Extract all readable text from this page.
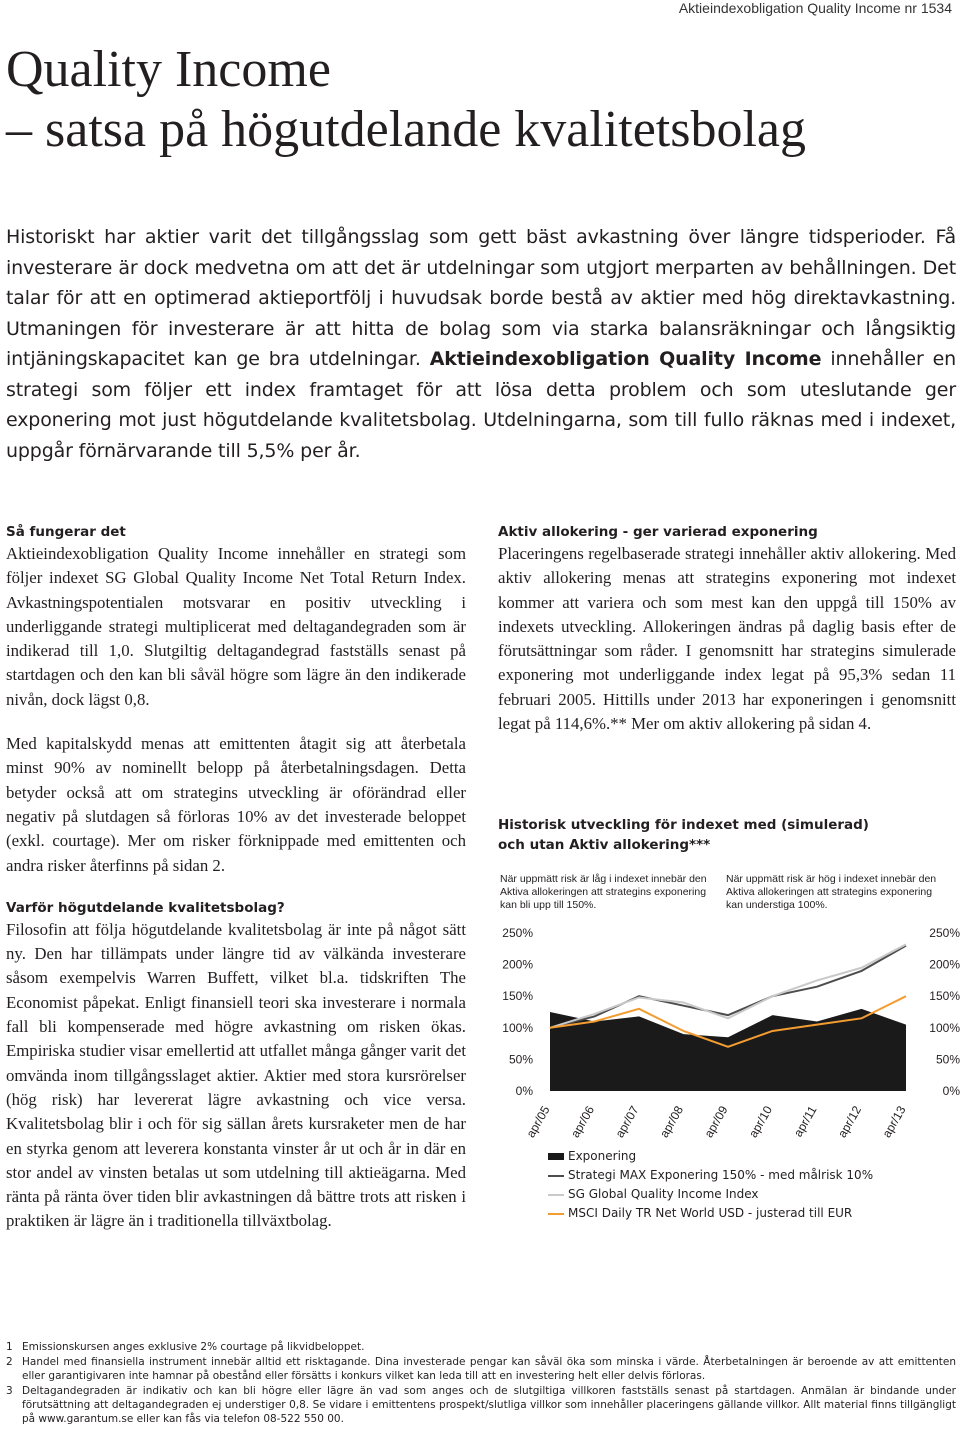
Aktieindexobligation Quality Income nr 1534
Quality Income
– satsa på högutdelande kvalitetsbolag

Historiskt har aktier varit det tillgångsslag som gett bäst avkastning över längre tidsperioder. Få investerare är dock medvetna om att det är utdelningar som utgjort merparten av behållningen. Det talar för att en optimerad aktieportfölj i huvudsak borde bestå av aktier med hög direktavkastning. Utmaningen för investerare är att hitta de bolag som via starka balansräkningar och långsiktig intjäningskapacitet kan ge bra utdelningar. Aktieindexobligation Quality Income innehåller en strategi som följer ett index framtaget för att lösa detta problem och som uteslutande ger exponering mot just högutdelande kvalitetsbolag. Utdelningarna, som till fullo räknas med i indexet, uppgår förnärvarande till 5,5% per år.

Så fungerar det

Aktieindexobligation Quality Income innehåller en strategi som följer indexet SG Global Quality Income Net Total Return Index. Avkastningspotentialen motsvarar en positiv utveckling i underliggande strategi multiplicerat med deltagandegraden som är indikerad till 1,0. Slutgiltig deltagandegrad fastställs senast på startdagen och den kan bli såväl högre som lägre än den indikerade nivån, dock lägst 0,8.

Med kapitalskydd menas att emittenten åtagit sig att återbetala minst 90% av nominellt belopp på återbetalningsdagen. Detta betyder också att om strategins utveckling är oförändrad eller negativ på slutdagen så förloras 10% av det investerade beloppet (exkl. courtage). Mer om risker förknippade med emittenten och andra risker återfinns på sidan 2.

Varför högutdelande kvalitetsbolag?

Filosofin att följa högutdelande kvalitetsbolag är inte på något sätt ny. Den har tillämpats under längre tid av välkända investerare såsom exempelvis Warren Buffett, vilket bl.a. tidskriften The Economist påpekat. Enligt finansiell teori ska investerare i normala fall bli kompenserade med högre avkastning om risken ökas. Empiriska studier visar emellertid att utfallet många gånger varit det omvända inom tillgångsslaget aktier. Aktier med stora kursrörelser (hög risk) har levererat lägre avkastning och vice versa. Kvalitetsbolag blir i och för sig sällan årets kursraketer men de har en styrka genom att leverera konstanta vinster år ut och år in där en stor andel av vinsten betalas ut som utdelning till aktieägarna. Med ränta på ränta över tiden blir avkastningen då bättre trots att risken i praktiken är lägre än i traditionella tillväxtbolag.

Aktiv allokering - ger varierad exponering

Placeringens regelbaserade strategi innehåller aktiv allokering. Med aktiv allokering menas att strategins exponering mot indexet kommer att variera och som mest kan den uppgå till 150% av indexets utveckling. Allokeringen ändras på daglig basis efter de förutsättningar som råder. I genomsnitt har strategins simulerade exponering mot underliggande index legat på 95,3% sedan 11 februari 2005. Hittills under 2013 har exponeringen i genomsnitt legat på 114,6%.** Mer om aktiv allokering på sidan 4.

Historisk utveckling för indexet med (simulerad)
och utan Aktiv allokering***
När uppmätt risk är låg i indexet innebär den Aktiva allokeringen att strategins exponering kan bli upp till 150%.
När uppmätt risk är hög i indexet innebär den Aktiva allokeringen att strategins exponering kan understiga 100%.
0%	0%
50%	50%
100%	100%
150%	150%
200%	200%
250%	250%
apr/05 apr/06 apr/07 apr/08 apr/09 apr/10 apr/11 apr/12 apr/13
Exponering
Strategi MAX Exponering 150% - med målrisk 10%
SG Global Quality Income Index
MSCI Daily TR Net World USD - justerad till EUR
1 Emissionskursen anges exklusive 2% courtage på likvidbeloppet.
2 Handel med finansiella instrument innebär alltid ett risktagande. Dina investerade pengar kan såväl öka som minska i värde. Återbetalningen är beroende av att emittenten eller garantigivaren inte hamnar på obestånd eller försätts i konkurs vilket kan leda till att en investering helt eller delvis förloras.
3 Deltagandegraden är indikativ och kan bli högre eller lägre än vad som anges och de slutgiltiga villkoren fastställs senast på startdagen. Anmälan är bindande under förutsättning att deltagandegraden ej understiger 0,8. Se vidare i emittentens prospekt/slutliga villkor som innehåller placeringens gällande villkor. Allt material finns tillgängligt på www.garantum.se eller kan fås via telefon 08-522 550 00.
